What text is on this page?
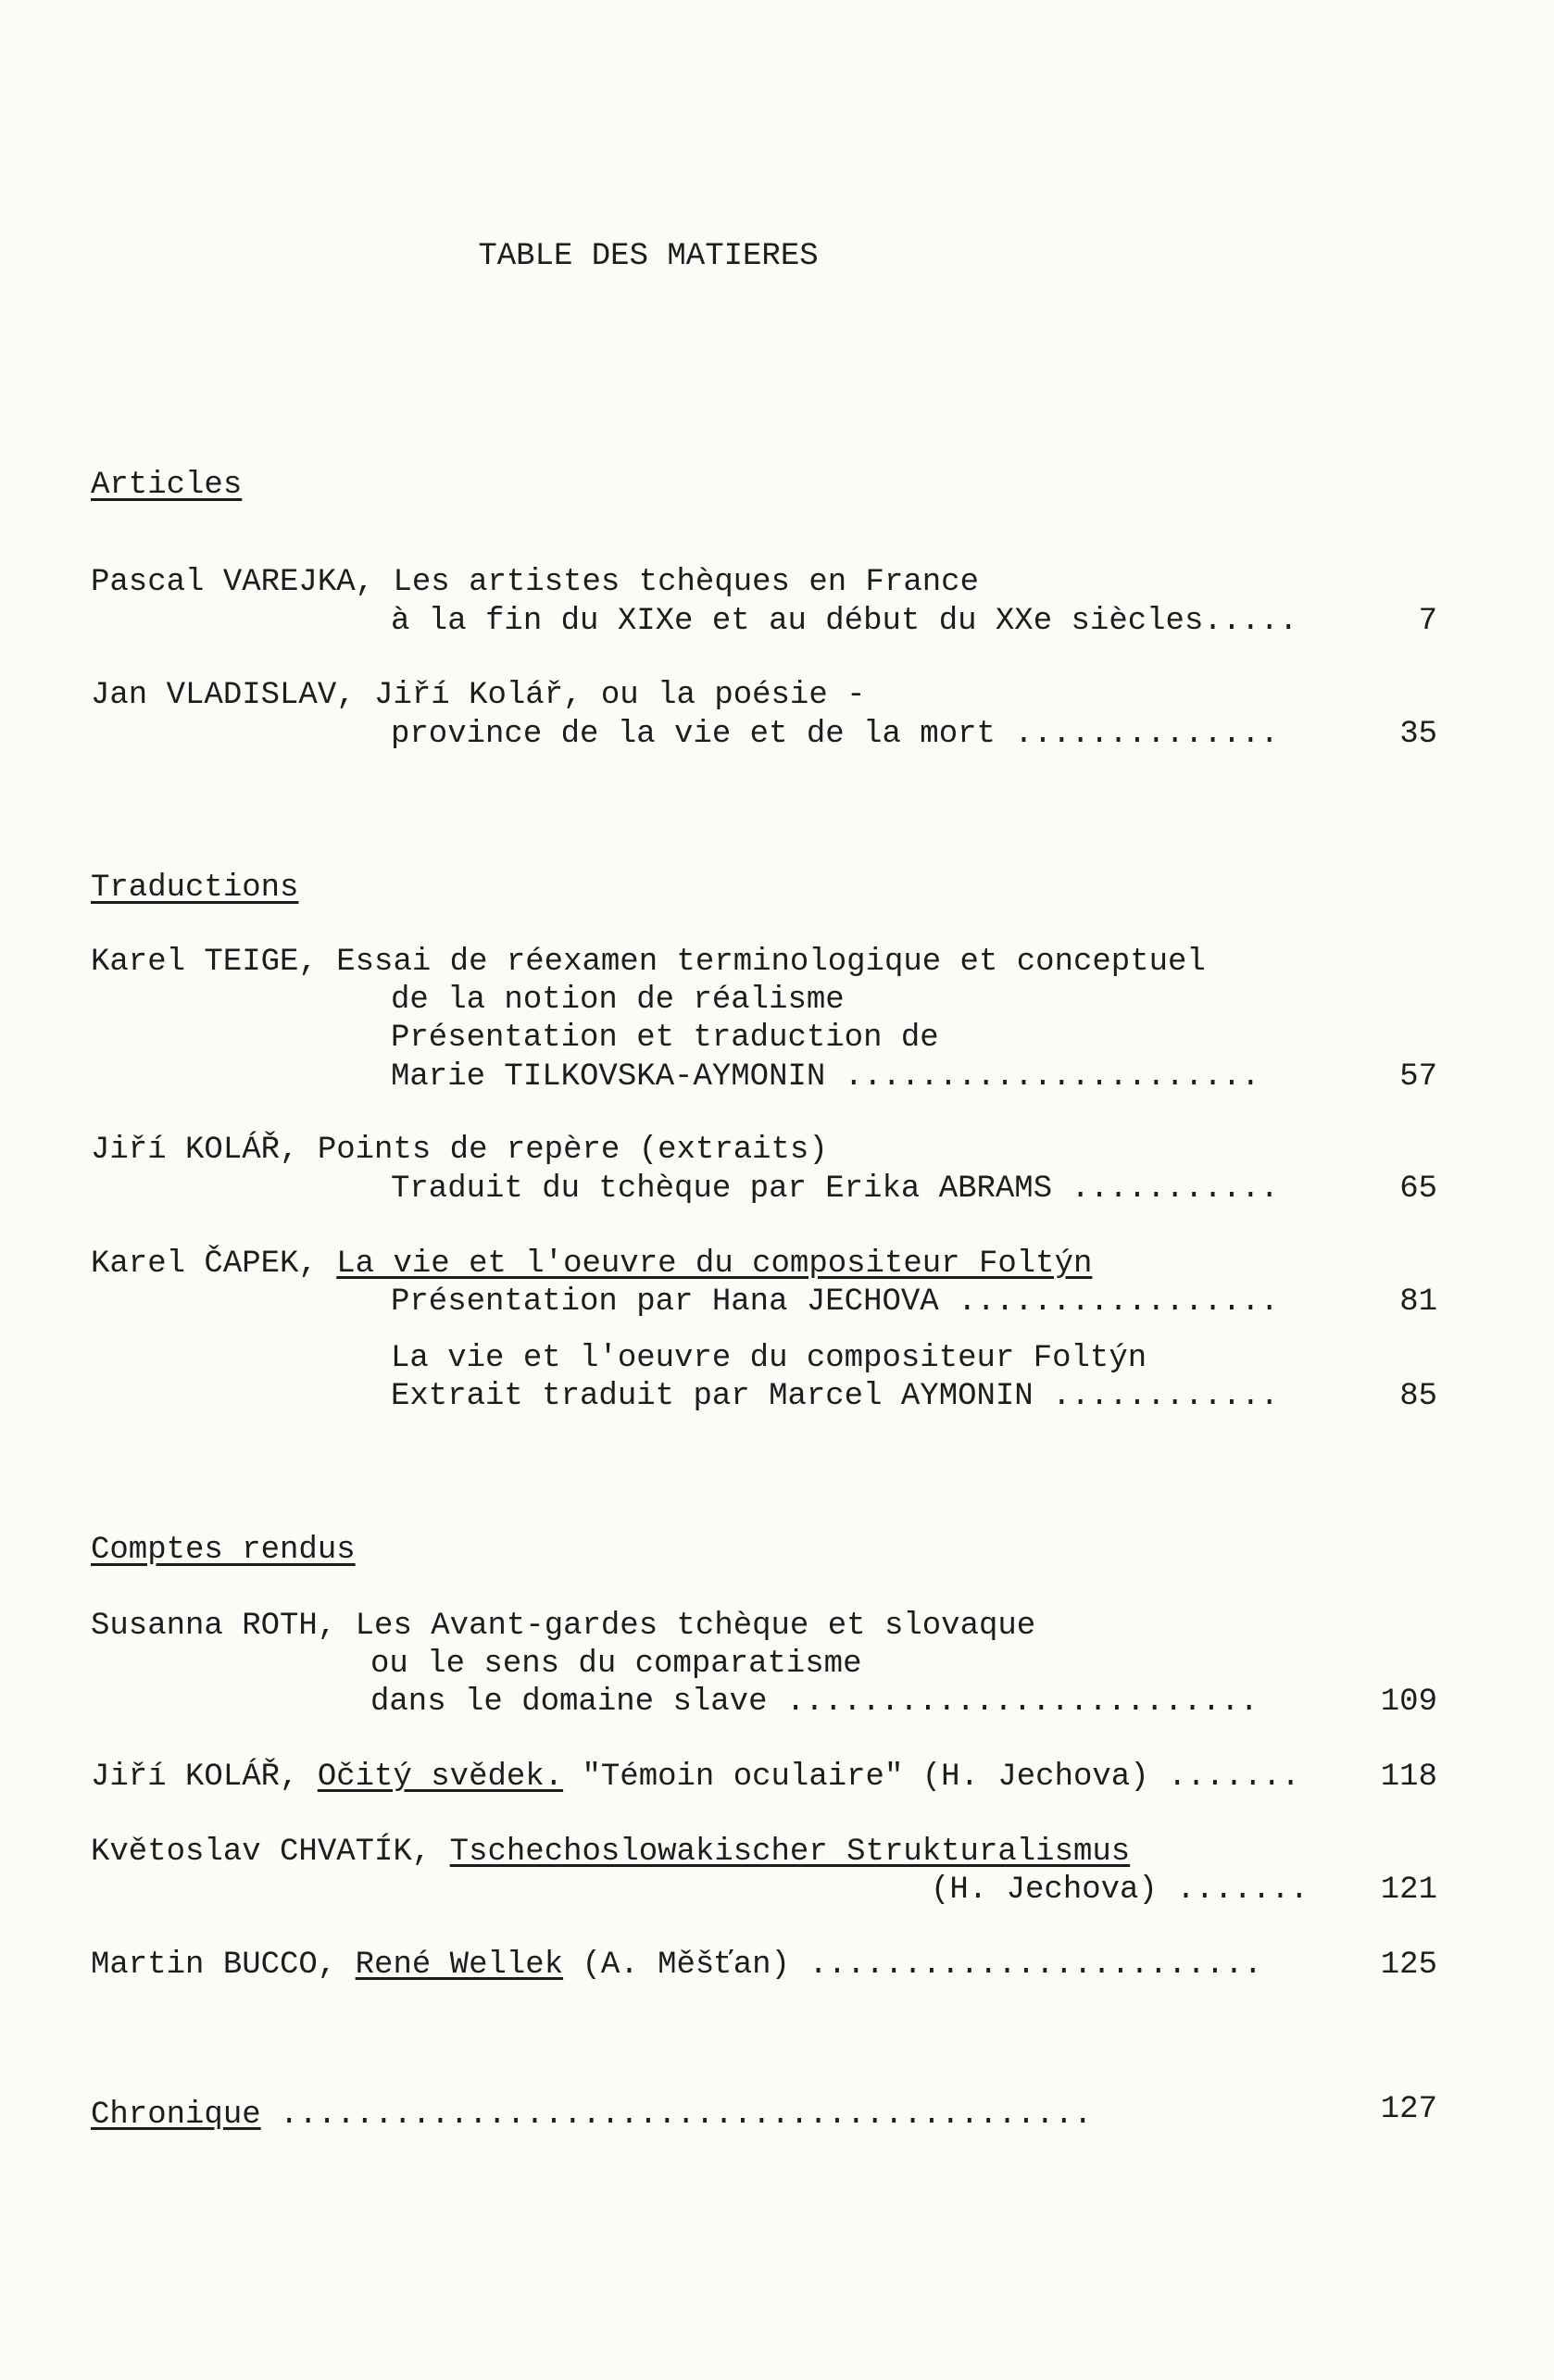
TABLE DES MATIERES
Articles
Pascal VAREJKA, Les artistes tchèques en France
à la fin du XIXe et au début du XXe siècles.....	7
Jan VLADISLAV, Jiří Kolář, ou la poésie -
province de la vie et de la mort ..............	35
Traductions
Karel TEIGE, Essai de réexamen terminologique et conceptuel
de la notion de réalisme
Présentation et traduction de
Marie TILKOVSKA-AYMONIN ......................	57
Jiří KOLÁŘ, Points de repère (extraits)
Traduit du tchèque par Erika ABRAMS ...........	65
Karel ČAPEK, La vie et l'oeuvre du compositeur Foltýn
Présentation par Hana JECHOVA .................	81
La vie et l'oeuvre du compositeur Foltýn
Extrait traduit par Marcel AYMONIN ............	85
Comptes rendus
Susanna ROTH, Les Avant-gardes tchèque et slovaque
ou le sens du comparatisme
dans le domaine slave .........................	109
Jiří KOLÁŘ, Očitý svědek. "Témoin oculaire" (H. Jechova) .......	118
Květoslav CHVATÍK, Tschechoslowakischer Strukturalismus
(H. Jechova) .......	121
Martin BUCCO, René Wellek (A. Měšťan) ........................	125
Chronique ...........................................	127
